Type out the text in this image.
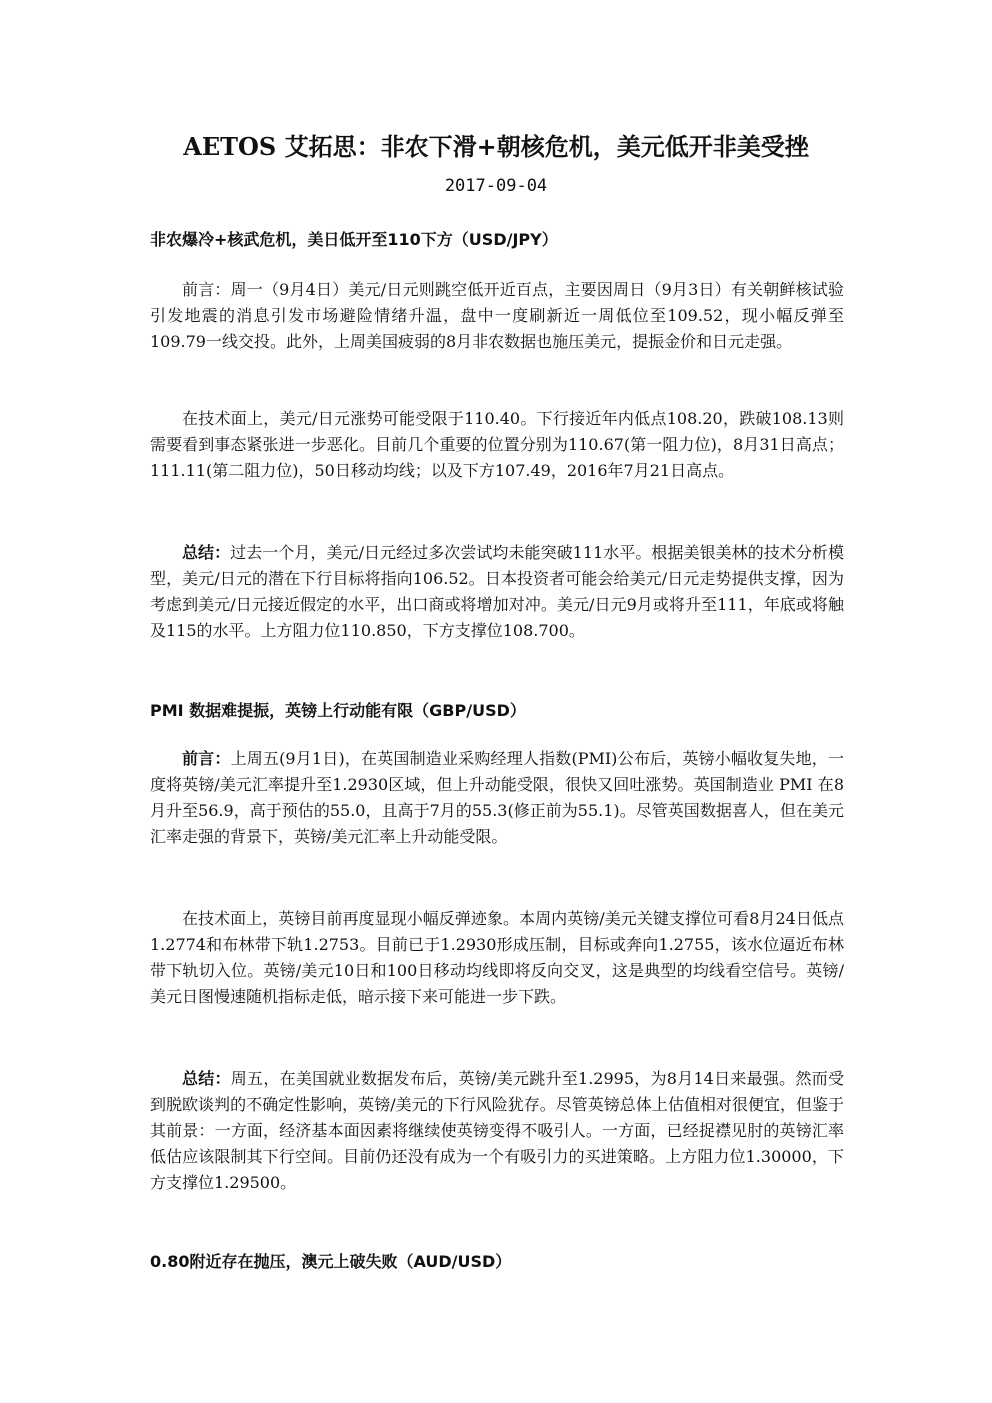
AETOS 艾拓思：非农下滑+朝核危机，美元低开非美受挫
2017-09-04
非农爆冷+核武危机，美日低开至110下方（USD/JPY）

前言：周一（9月4日）美元/日元则跳空低开近百点，主要因周日（9月3日）有关朝鲜核试验引发地震的消息引发市场避险情绪升温，盘中一度刷新近一周低位至109.52，现小幅反弹至109.79一线交投。此外，上周美国疲弱的8月非农数据也施压美元，提振金价和日元走强。

在技术面上，美元/日元涨势可能受限于110.40。下行接近年内低点108.20，跌破108.13则需要看到事态紧张进一步恶化。目前几个重要的位置分别为110.67(第一阻力位)，8月31日高点；111.11(第二阻力位)，50日移动均线；以及下方107.49，2016年7月21日高点。

总结：过去一个月，美元/日元经过多次尝试均未能突破111水平。根据美银美林的技术分析模型，美元/日元的潜在下行目标将指向106.52。日本投资者可能会给美元/日元走势提供支撑，因为考虑到美元/日元接近假定的水平，出口商或将增加对冲。美元/日元9月或将升至111，年底或将触及115的水平。上方阻力位110.850，下方支撑位108.700。

PMI 数据难提振，英镑上行动能有限（GBP/USD）

前言：上周五(9月1日)，在英国制造业采购经理人指数(PMI)公布后，英镑小幅收复失地，一度将英镑/美元汇率提升至1.2930区域，但上升动能受限，很快又回吐涨势。英国制造业 PMI 在8月升至56.9，高于预估的55.0，且高于7月的55.3(修正前为55.1)。尽管英国数据喜人，但在美元汇率走强的背景下，英镑/美元汇率上升动能受限。

在技术面上，英镑目前再度显现小幅反弹迹象。本周内英镑/美元关键支撑位可看8月24日低点1.2774和布林带下轨1.2753。目前已于1.2930形成压制，目标或奔向1.2755，该水位逼近布林带下轨切入位。英镑/美元10日和100日移动均线即将反向交叉，这是典型的均线看空信号。英镑/美元日图慢速随机指标走低，暗示接下来可能进一步下跌。

总结：周五，在美国就业数据发布后，英镑/美元跳升至1.2995，为8月14日来最强。然而受到脱欧谈判的不确定性影响，英镑/美元的下行风险犹存。尽管英镑总体上估值相对很便宜，但鉴于其前景：一方面，经济基本面因素将继续使英镑变得不吸引人。一方面，已经捉襟见肘的英镑汇率低估应该限制其下行空间。目前仍还没有成为一个有吸引力的买进策略。上方阻力位1.30000，下方支撑位1.29500。

0.80附近存在抛压，澳元上破失败（AUD/USD）
